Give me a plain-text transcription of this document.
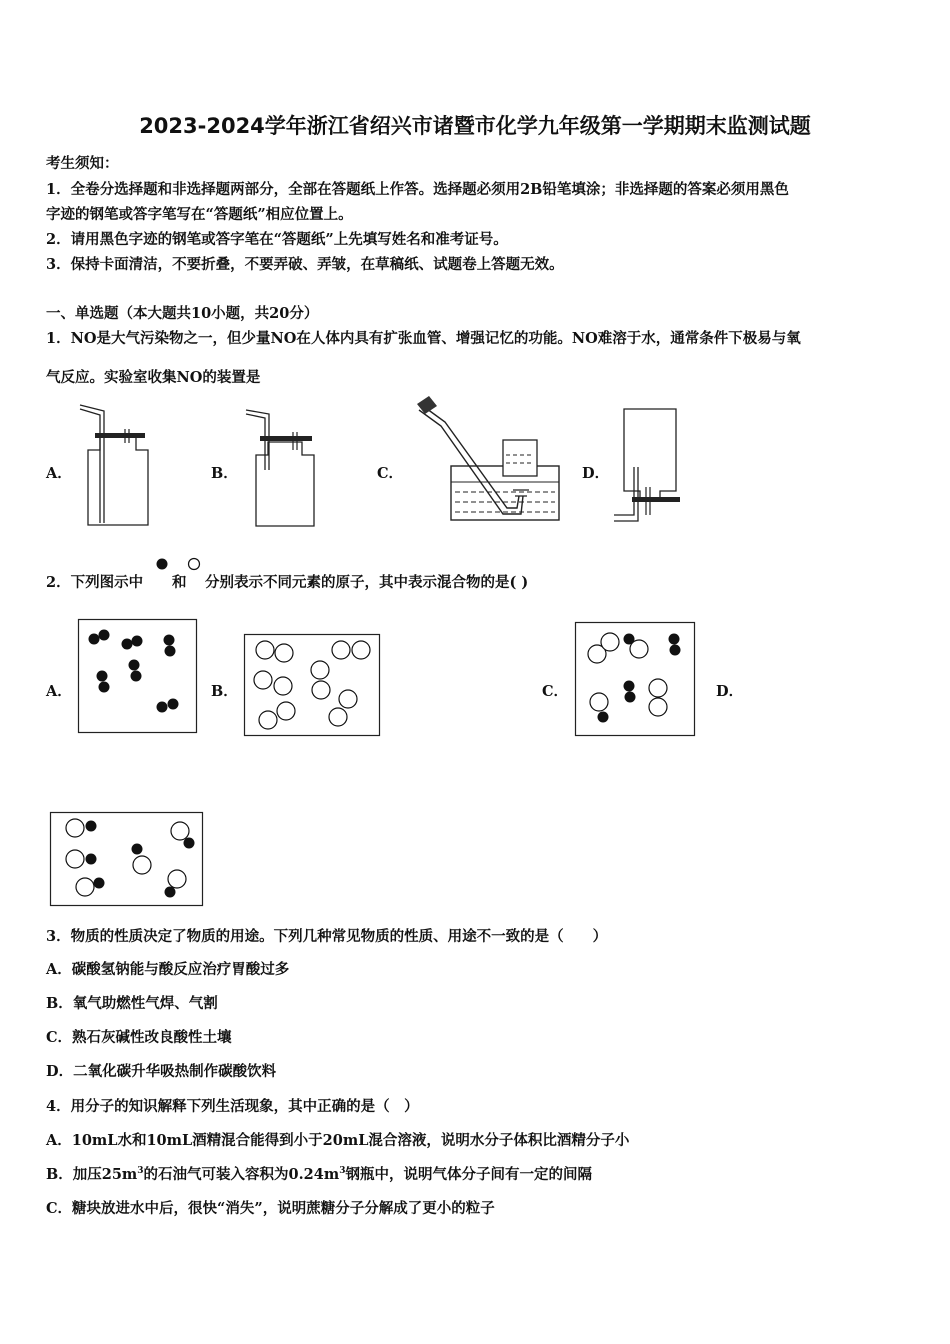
2023-2024学年浙江省绍兴市诸暨市化学九年级第一学期期末监测试题
考生须知：
1．全卷分选择题和非选择题两部分，全部在答题纸上作答。选择题必须用2B铅笔填涂；非选择题的答案必须用黑色
字迹的钢笔或答字笔写在“答题纸”相应位置上。
2．请用黑色字迹的钢笔或答字笔在“答题纸”上先填写姓名和准考证号。
3．保持卡面清洁，不要折叠，不要弄破、弄皱，在草稿纸、试题卷上答题无效。
一、单选题（本大题共10小题，共20分）
1．NO是大气污染物之一，但少量NO在人体内具有扩张血管、增强记忆的功能。NO难溶于水，通常条件下极易与氧
气反应。实验室收集NO的装置是
A．	B．	C．	D．
2．下列图示中 和 分别表示不同元素的原子，其中表示混合物的是( )
A．	B．	C．	D．
3．物质的性质决定了物质的用途。下列几种常见物质的性质、用途不一致的是（　　）
A．碳酸氢钠能与酸反应治疗胃酸过多
B．氧气助燃性气焊、气割
C．熟石灰碱性改良酸性土壤
D．二氧化碳升华吸热制作碳酸饮料
4．用分子的知识解释下列生活现象，其中正确的是（　）
A．10mL水和10mL酒精混合能得到小于20mL混合溶液，说明水分子体积比酒精分子小
B．加压$25m^3$的石油气可装入容积为$0.24m^3$钢瓶中，说明气体分子间有一定的间隔
C．糖块放进水中后，很快“消失”，说明蔗糖分子分解成了更小的粒子
